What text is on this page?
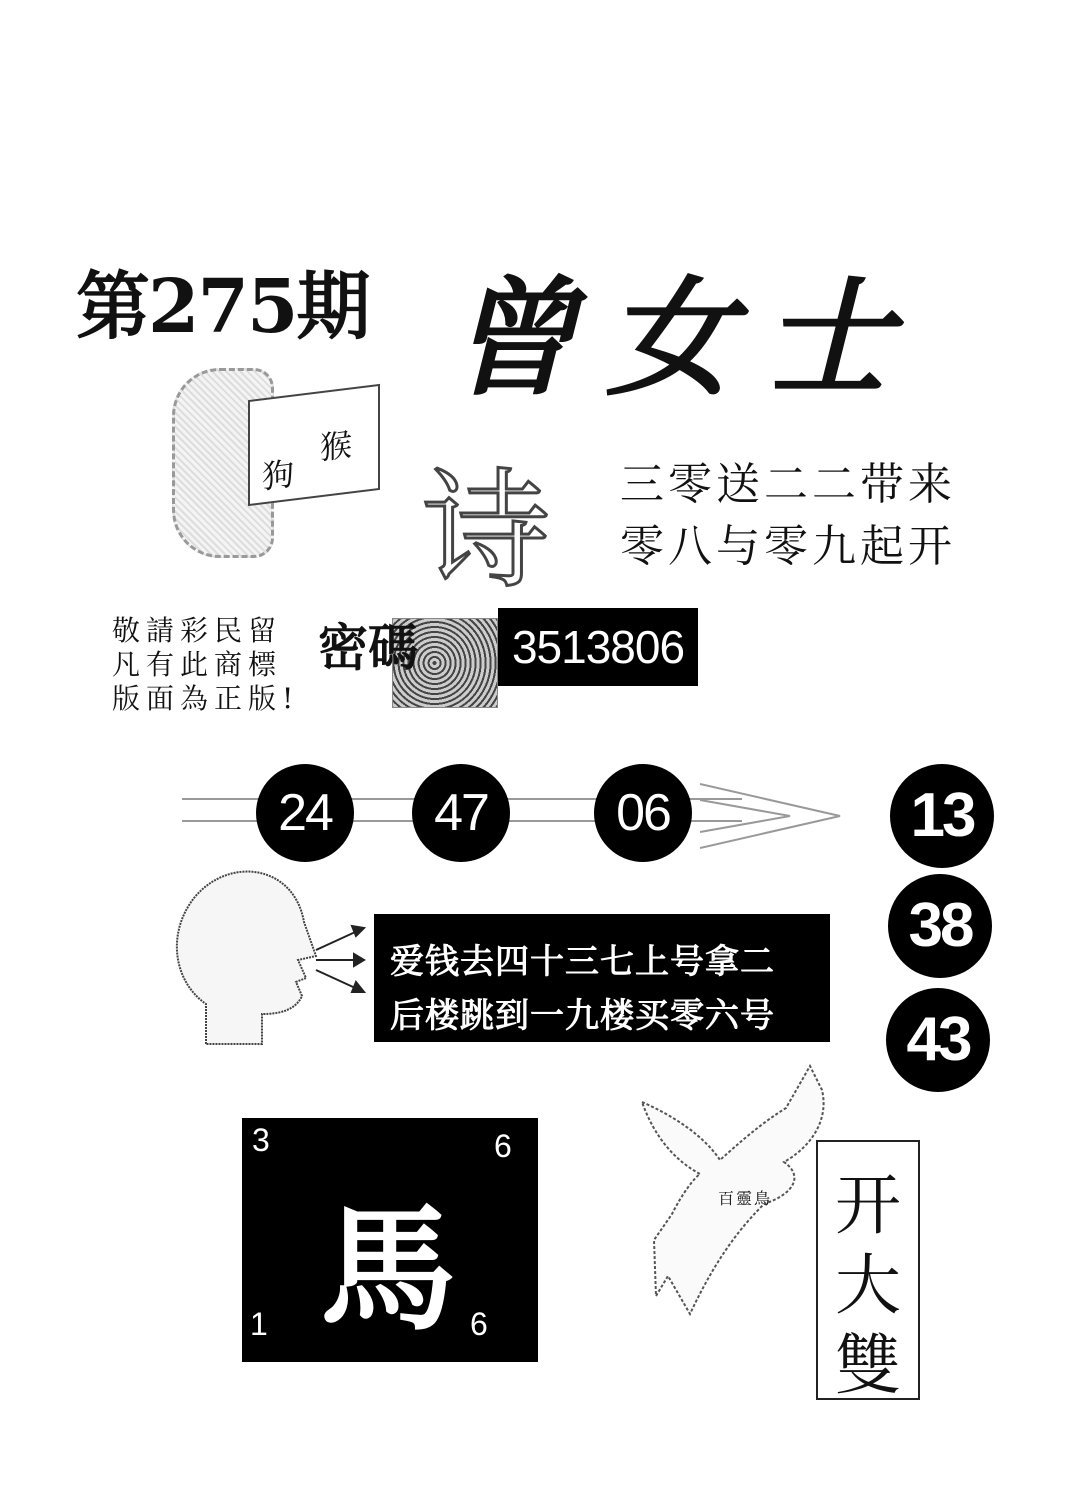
第275期 曾女士
狗
猴
诗 三零送二二带来
零八与零九起开
敬請彩民留
凡有此商標
版面為正版!
密碼	3513806
24	47	06	13
38
43
爱钱去四十三七上号拿二
后楼跳到一九楼买零六号
3	6
1	6
馬	百靈鳥 开
大
雙
